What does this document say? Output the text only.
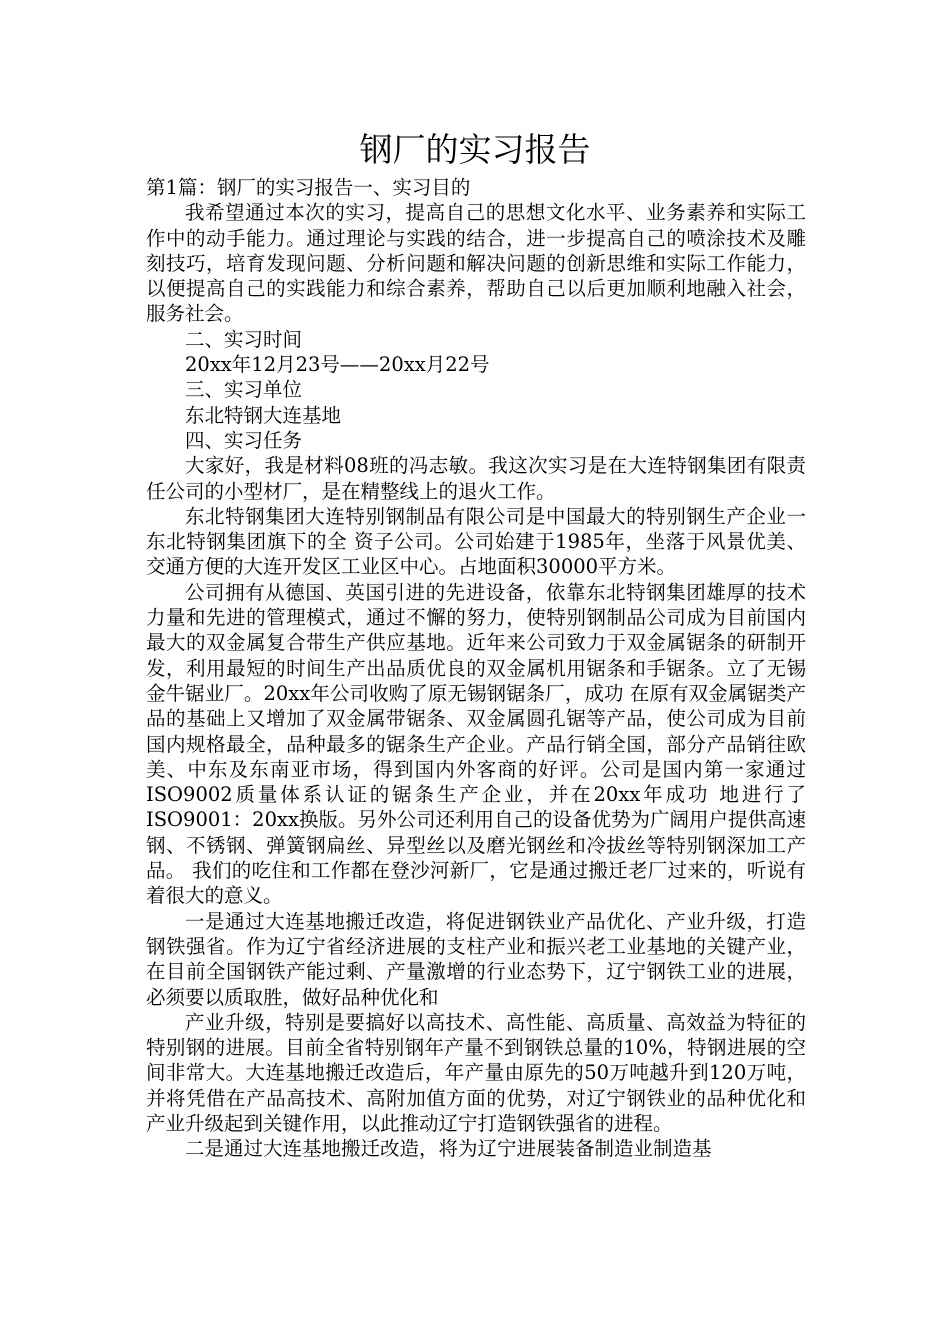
钢厂的实习报告

第1篇：钢厂的实习报告一、实习目的

我希望通过本次的实习，提高自己的思想文化水平、业务素养和实际工作中的动手能力。通过理论与实践的结合，进一步提高自己的喷涂技术及雕刻技巧，培育发现问题、分析问题和解决问题的创新思维和实际工作能力，以便提高自己的实践能力和综合素养，帮助自己以后更加顺利地融入社会，服务社会。

二、实习时间

20xx年12月23号——20xx月22号

三、实习单位

东北特钢大连基地

四、实习任务

大家好，我是材料08班的冯志敏。我这次实习是在大连特钢集团有限责任公司的小型材厂，是在精整线上的退火工作。

东北特钢集团大连特别钢制品有限公司是中国最大的特别钢生产企业一东北特钢集团旗下的全 资子公司。公司始建于1985年，坐落于风景优美、交通方便的大连开发区工业区中心。占地面积30000平方米。

公司拥有从德国、英国引进的先进设备，依靠东北特钢集团雄厚的技术力量和先进的管理模式，通过不懈的努力，使特别钢制品公司成为目前国内最大的双金属复合带生产供应基地。近年来公司致力于双金属锯条的研制开发，利用最短的时间生产出品质优良的双金属机用锯条和手锯条。立了无锡金牛锯业厂。20xx年公司收购了原无锡钢锯条厂，成功 在原有双金属锯类产品的基础上又增加了双金属带锯条、双金属圆孔锯等产品，使公司成为目前国内规格最全，品种最多的锯条生产企业。产品行销全国，部分产品销往欧美、中东及东南亚市场，得到国内外客商的好评。公司是国内第一家通过ISO9002质量体系认证的锯条生产企业，并在20xx年成功 地进行了ISO9001：20xx换版。另外公司还利用自己的设备优势为广阔用户提供高速钢、不锈钢、弹簧钢扁丝、异型丝以及磨光钢丝和冷拔丝等特别钢深加工产品。 我们的吃住和工作都在登沙河新厂，它是通过搬迁老厂过来的，听说有着很大的意义。

一是通过大连基地搬迁改造，将促进钢铁业产品优化、产业升级，打造钢铁强省。作为辽宁省经济进展的支柱产业和振兴老工业基地的关键产业，在目前全国钢铁产能过剩、产量激增的行业态势下，辽宁钢铁工业的进展，必须要以质取胜，做好品种优化和

产业升级，特别是要搞好以高技术、高性能、高质量、高效益为特征的特别钢的进展。目前全省特别钢年产量不到钢铁总量的10%，特钢进展的空间非常大。大连基地搬迁改造后，年产量由原先的50万吨越升到120万吨，并将凭借在产品高技术、高附加值方面的优势，对辽宁钢铁业的品种优化和产业升级起到关键作用，以此推动辽宁打造钢铁强省的进程。

二是通过大连基地搬迁改造，将为辽宁进展装备制造业制造基
